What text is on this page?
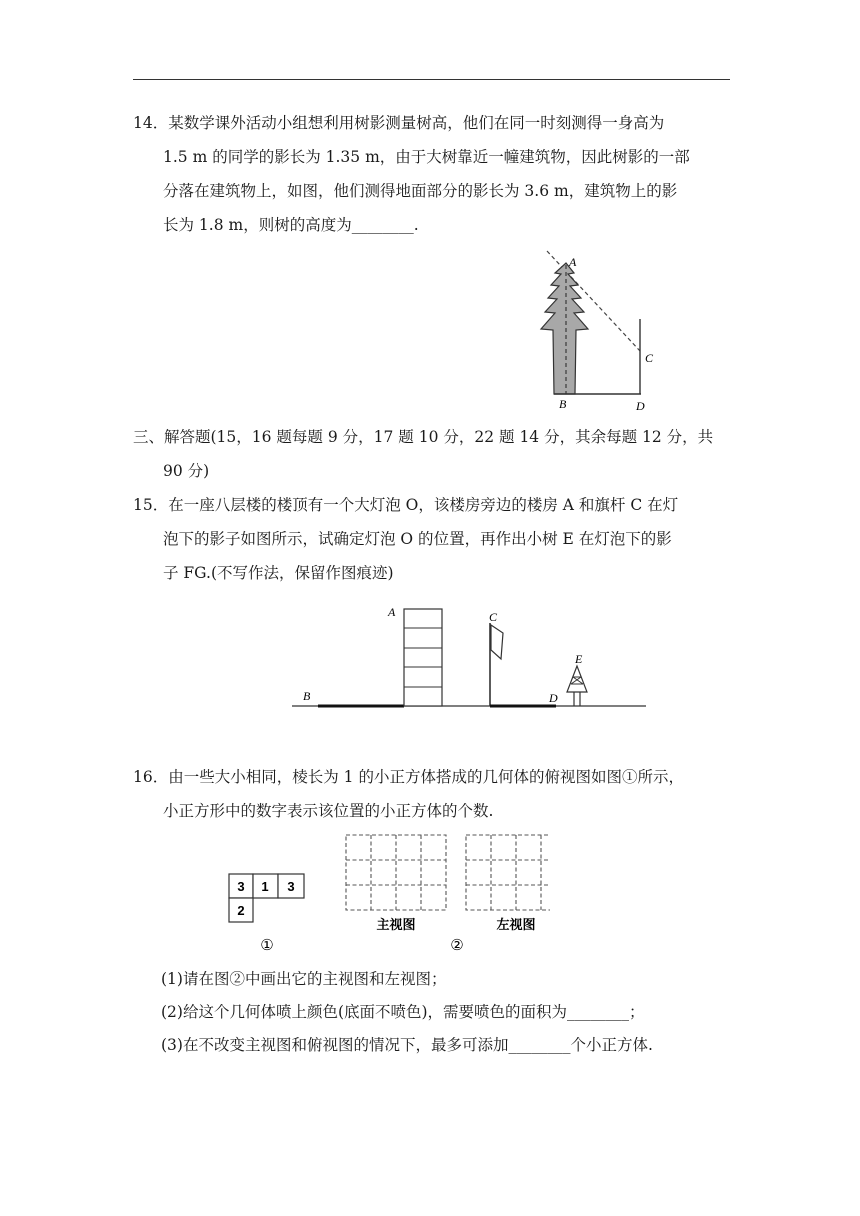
14．某数学课外活动小组想利用树影测量树高，他们在同一时刻测得一身高为
1.5 m 的同学的影长为 1.35 m，由于大树靠近一幢建筑物，因此树影的一部
分落在建筑物上，如图，他们测得地面部分的影长为 3.6 m，建筑物上的影
长为 1.8 m，则树的高度为________.
A
B
C
D
三、解答题(15，16 题每题 9 分，17 题 10 分，22 题 14 分，其余每题 12 分，共
90 分)
15．在一座八层楼的楼顶有一个大灯泡 O，该楼房旁边的楼房 A 和旗杆 C 在灯
泡下的影子如图所示，试确定灯泡 O 的位置，再作出小树 E 在灯泡下的影
子 FG.(不写作法，保留作图痕迹)
A
B
C
D
E
16．由一些大小相同，棱长为 1 的小正方体搭成的几何体的俯视图如图①所示，
小正方形中的数字表示该位置的小正方体的个数.
3 1 3
2
①
主视图	左视图
②

(1)请在图②中画出它的主视图和左视图；

(2)给这个几何体喷上颜色(底面不喷色)，需要喷色的面积为________；

(3)在不改变主视图和俯视图的情况下，最多可添加________个小正方体.
